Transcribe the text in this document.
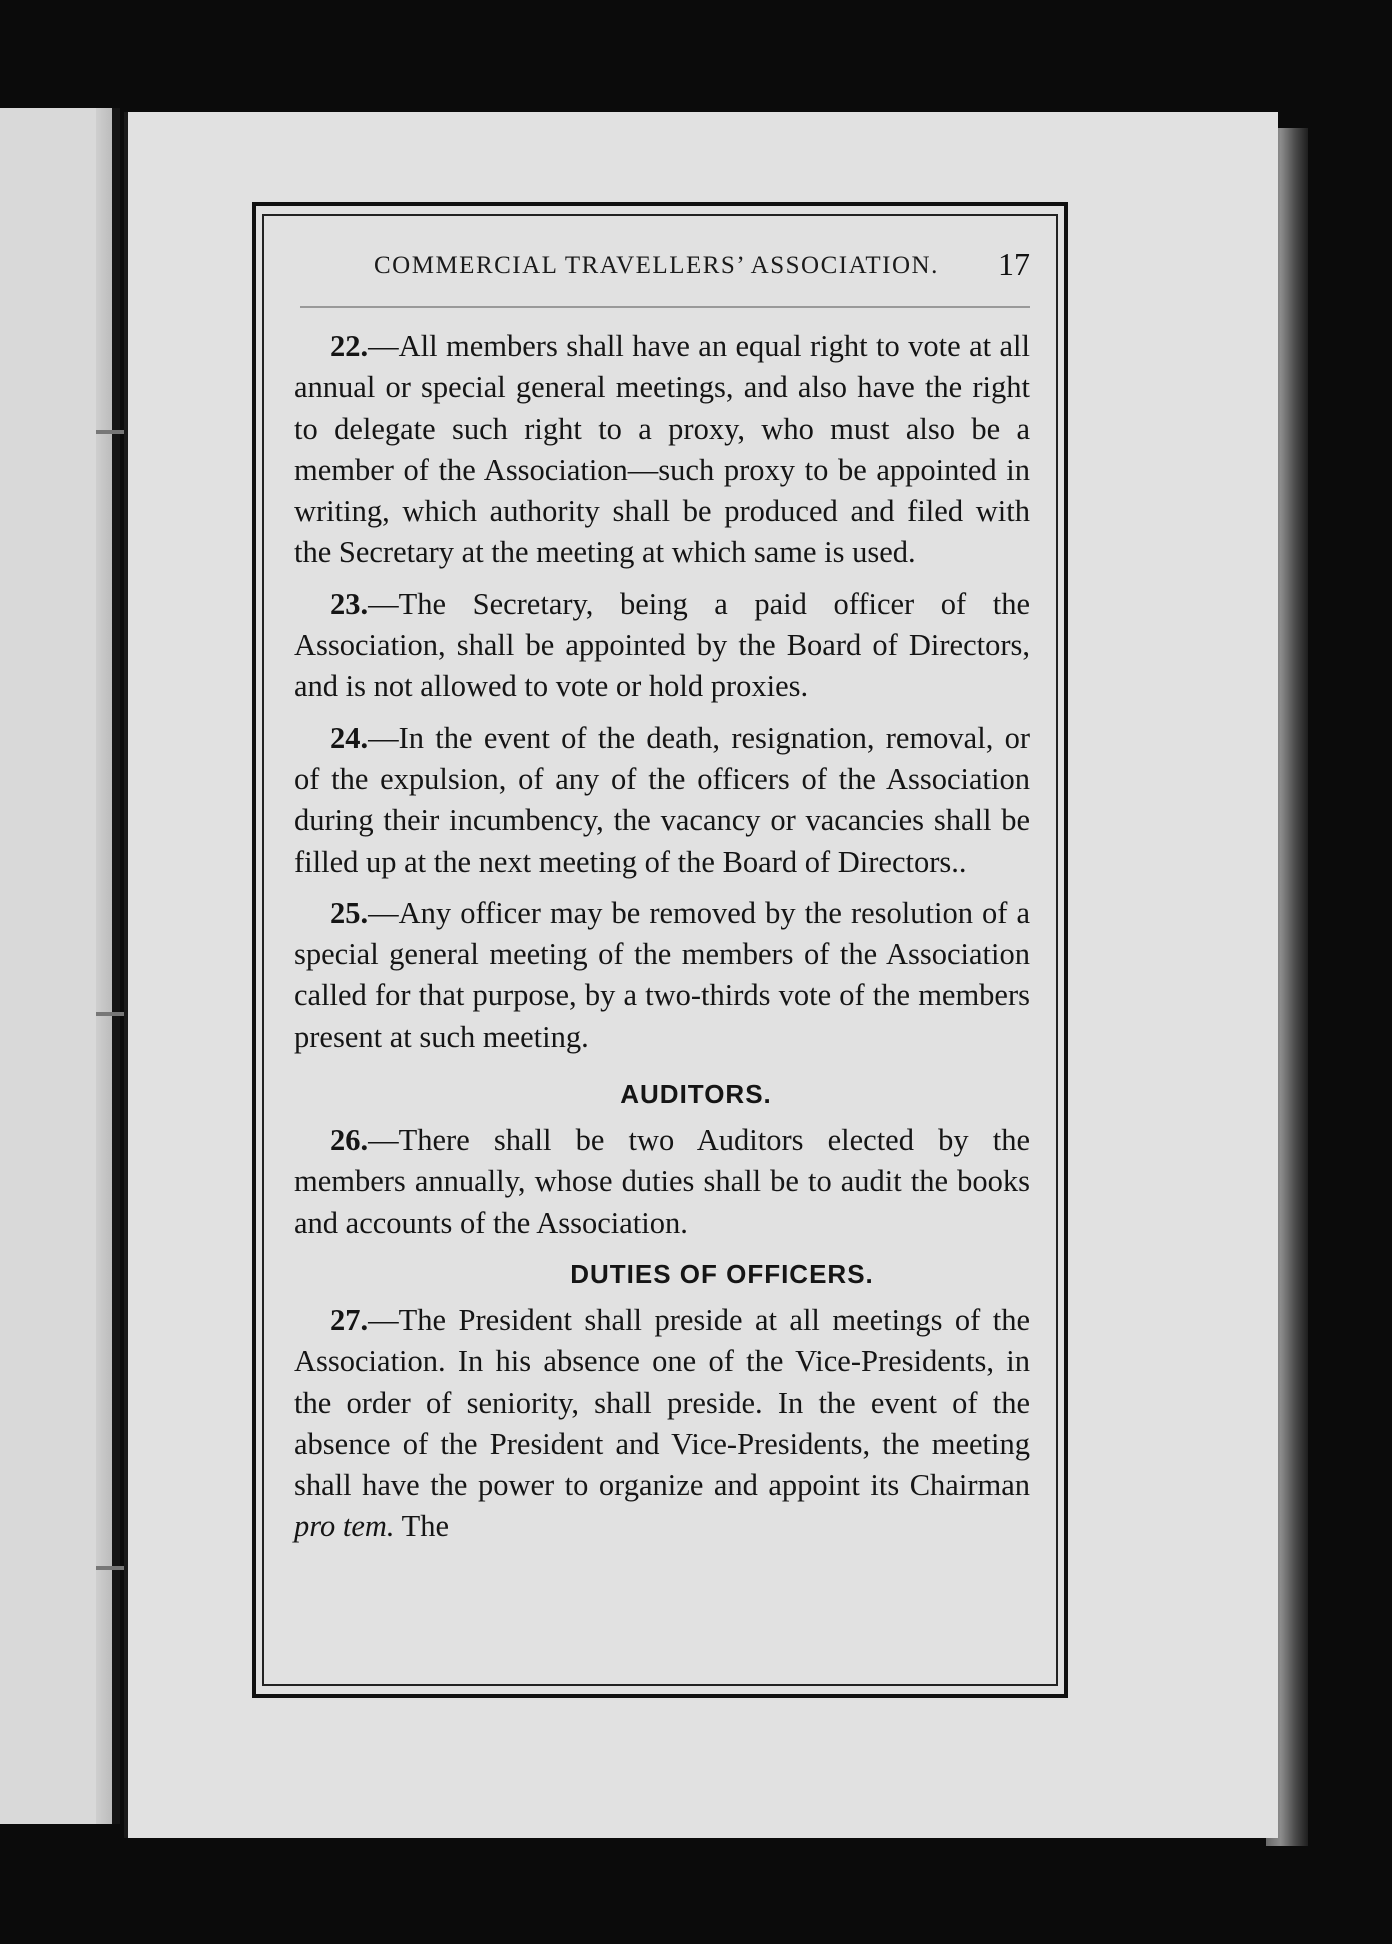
COMMERCIAL TRAVELLERS’ ASSOCIATION. 17

22.—All members shall have an equal right to vote at all annual or special general meetings, and also have the right to delegate such right to a proxy, who must also be a member of the Association—such proxy to be appointed in writing, which authority shall be produced and filed with the Secretary at the meeting at which same is used.

23.—The Secretary, being a paid officer of the Association, shall be appointed by the Board of Directors, and is not allowed to vote or hold proxies.

24.—In the event of the death, resignation, removal, or of the expulsion, of any of the officers of the Association during their incumbency, the vacancy or vacancies shall be filled up at the next meeting of the Board of Directors..

25.—Any officer may be removed by the resolution of a special general meeting of the members of the Association called for that purpose, by a two-thirds vote of the members present at such meeting.

AUDITORS.

26.—There shall be two Auditors elected by the members annually, whose duties shall be to audit the books and accounts of the Association.

DUTIES OF OFFICERS.

27.—The President shall preside at all meetings of the Association. In his absence one of the Vice-Presidents, in the order of seniority, shall preside. In the event of the absence of the President and Vice-Presidents, the meeting shall have the power to organize and appoint its Chairman pro tem. The
